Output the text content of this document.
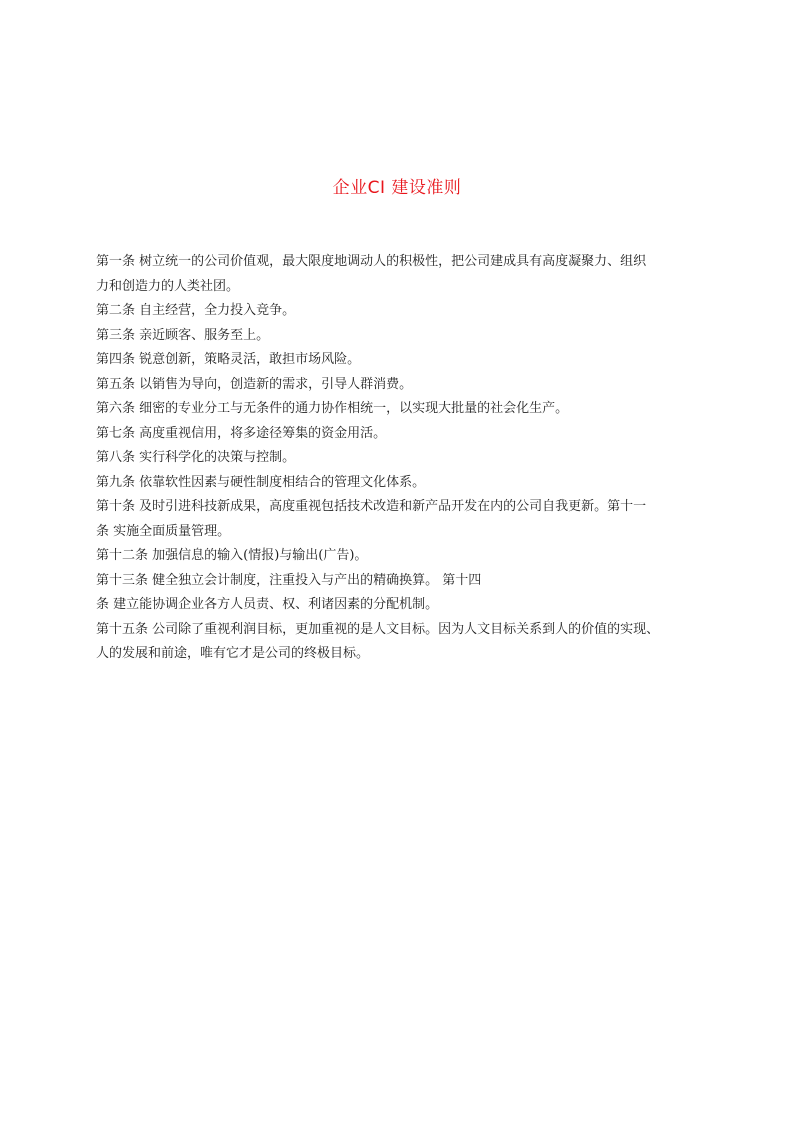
企业CI 建设准则
第一条 树立统一的公司价值观，最大限度地调动人的积极性，把公司建成具有高度凝聚力、组织
力和创造力的人类社团。
第二条 自主经营，全力投入竞争。
第三条 亲近顾客、服务至上。
第四条 锐意创新，策略灵活，敢担市场风险。
第五条 以销售为导向，创造新的需求，引导人群消费。
第六条 细密的专业分工与无条件的通力协作相统一，以实现大批量的社会化生产。
第七条 高度重视信用，将多途径筹集的资金用活。
第八条 实行科学化的决策与控制。
第九条 依靠软性因素与硬性制度相结合的管理文化体系。
第十条 及时引进科技新成果，高度重视包括技术改造和新产品开发在内的公司自我更新。第十一
条 实施全面质量管理。
第十二条 加强信息的输入(情报)与输出(广告)。
第十三条 健全独立会计制度，注重投入与产出的精确换算。 第十四
条 建立能协调企业各方人员责、权、利诸因素的分配机制。
第十五条 公司除了重视利润目标，更加重视的是人文目标。因为人文目标关系到人的价值的实现、
人的发展和前途，唯有它才是公司的终极目标。
